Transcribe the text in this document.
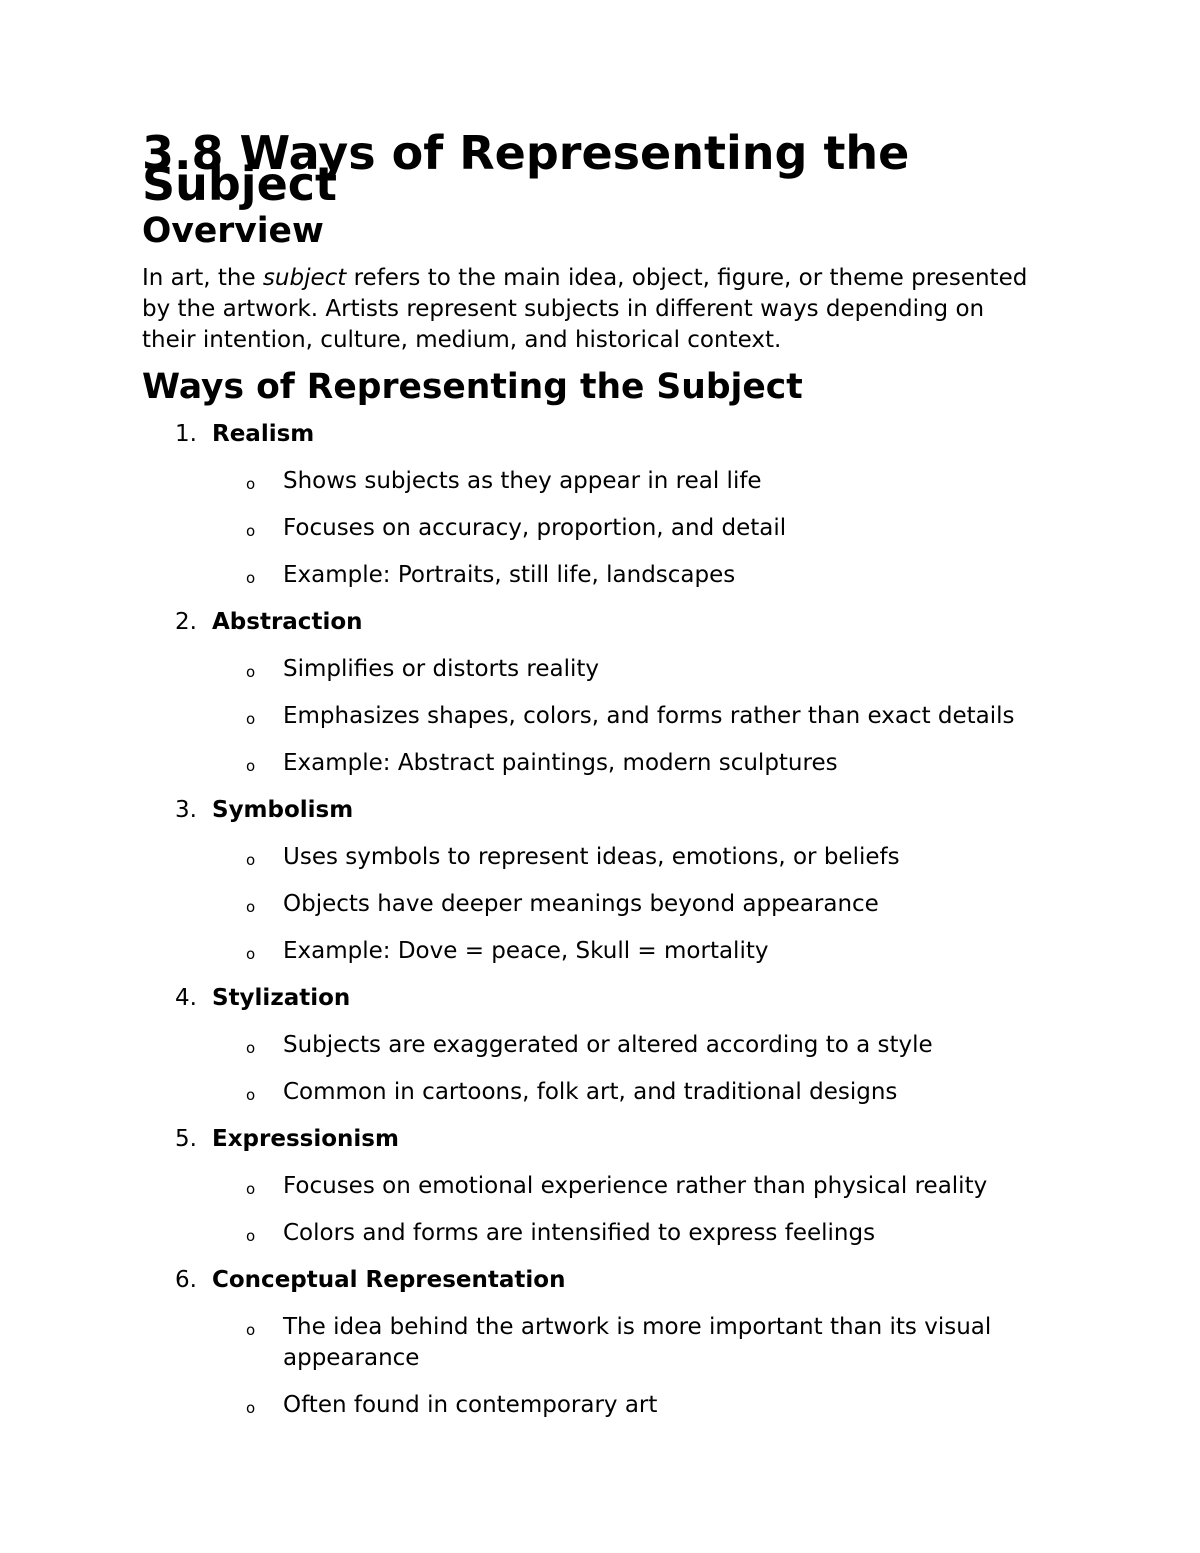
3.8 Ways of Representing the Subject
Overview

In art, the subject refers to the main idea, object, figure, or theme presented
by the artwork. Artists represent subjects in different ways depending on
their intention, culture, medium, and historical context.

Ways of Representing the Subject
1. Realism
o Shows subjects as they appear in real life
o Focuses on accuracy, proportion, and detail
o Example: Portraits, still life, landscapes
2. Abstraction
o Simplifies or distorts reality
o Emphasizes shapes, colors, and forms rather than exact details
o Example: Abstract paintings, modern sculptures
3. Symbolism
o Uses symbols to represent ideas, emotions, or beliefs
o Objects have deeper meanings beyond appearance
o Example: Dove = peace, Skull = mortality
4. Stylization
o Subjects are exaggerated or altered according to a style
o Common in cartoons, folk art, and traditional designs
5. Expressionism
o Focuses on emotional experience rather than physical reality
o Colors and forms are intensified to express feelings
6. Conceptual Representation
o The idea behind the artwork is more important than its visual appearance
o Often found in contemporary art
